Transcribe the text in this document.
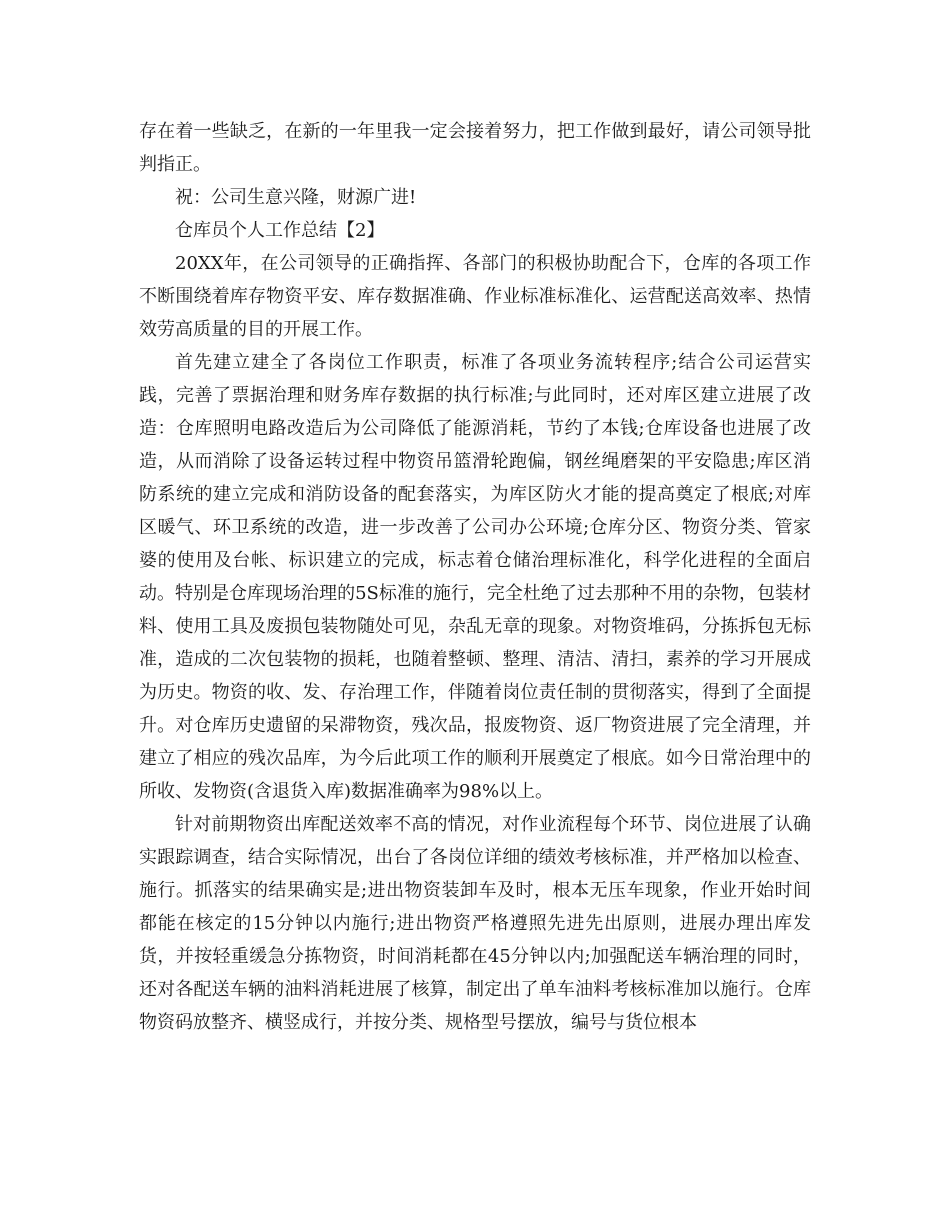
存在着一些缺乏，在新的一年里我一定会接着努力，把工作做到最好，请公司领导批判指正。

祝：公司生意兴隆，财源广进!

仓库员个人工作总结【2】

20XX年，在公司领导的正确指挥、各部门的积极协助配合下，仓库的各项工作不断围绕着库存物资平安、库存数据准确、作业标准标准化、运营配送高效率、热情效劳高质量的目的开展工作。

首先建立建全了各岗位工作职责，标准了各项业务流转程序;结合公司运营实践，完善了票据治理和财务库存数据的执行标准;与此同时，还对库区建立进展了改造：仓库照明电路改造后为公司降低了能源消耗，节约了本钱;仓库设备也进展了改造，从而消除了设备运转过程中物资吊篮滑轮跑偏，钢丝绳磨架的平安隐患;库区消防系统的建立完成和消防设备的配套落实，为库区防火才能的提高奠定了根底;对库区暖气、环卫系统的改造，进一步改善了公司办公环境;仓库分区、物资分类、管家婆的使用及台帐、标识建立的完成，标志着仓储治理标准化，科学化进程的全面启动。特别是仓库现场治理的5S标准的施行，完全杜绝了过去那种不用的杂物，包装材料、使用工具及废损包装物随处可见，杂乱无章的现象。对物资堆码，分拣拆包无标准，造成的二次包装物的损耗，也随着整顿、整理、清洁、清扫，素养的学习开展成为历史。物资的收、发、存治理工作，伴随着岗位责任制的贯彻落实，得到了全面提升。对仓库历史遗留的呆滞物资，残次品，报废物资、返厂物资进展了完全清理，并建立了相应的残次品库，为今后此项工作的顺利开展奠定了根底。如今日常治理中的所收、发物资(含退货入库)数据准确率为98%以上。

针对前期物资出库配送效率不高的情况，对作业流程每个环节、岗位进展了认确实跟踪调查，结合实际情况，出台了各岗位详细的绩效考核标准，并严格加以检查、施行。抓落实的结果确实是;进出物资装卸车及时，根本无压车现象，作业开始时间都能在核定的15分钟以内施行;进出物资严格遵照先进先出原则，进展办理出库发货，并按轻重缓急分拣物资，时间消耗都在45分钟以内;加强配送车辆治理的同时，还对各配送车辆的油料消耗进展了核算，制定出了单车油料考核标准加以施行。仓库物资码放整齐、横竖成行，并按分类、规格型号摆放，编号与货位根本
